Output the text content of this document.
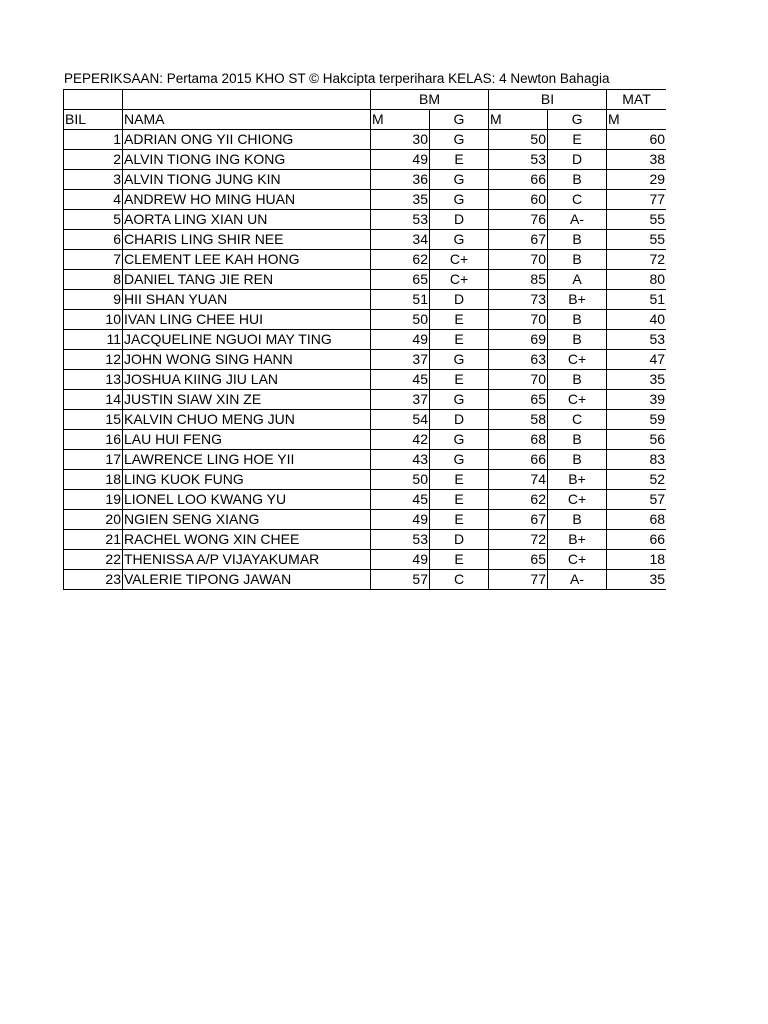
PEPERIKSAAN: Pertama 2015 KHO ST © Hakcipta terperihara KELAS: 4 Newton Bahagia
		BM		BI		MAT
BIL	NAMA	M	G	M	G	M
1	ADRIAN ONG YII CHIONG	30	G	50	E	60
2	ALVIN TIONG ING KONG	49	E	53	D	38
3	ALVIN TIONG JUNG KIN	36	G	66	B	29
4	ANDREW HO MING HUAN	35	G	60	C	77
5	AORTA LING XIAN UN	53	D	76	A-	55
6	CHARIS LING SHIR NEE	34	G	67	B	55
7	CLEMENT LEE KAH HONG	62	C+	70	B	72
8	DANIEL TANG JIE REN	65	C+	85	A	80
9	HII SHAN YUAN	51	D	73	B+	51
10	IVAN LING CHEE HUI	50	E	70	B	40
11	JACQUELINE NGUOI MAY TING	49	E	69	B	53
12	JOHN WONG SING HANN	37	G	63	C+	47
13	JOSHUA KIING JIU LAN	45	E	70	B	35
14	JUSTIN SIAW XIN ZE	37	G	65	C+	39
15	KALVIN CHUO MENG JUN	54	D	58	C	59
16	LAU HUI FENG	42	G	68	B	56
17	LAWRENCE LING HOE YII	43	G	66	B	83
18	LING KUOK FUNG	50	E	74	B+	52
19	LIONEL LOO KWANG YU	45	E	62	C+	57
20	NGIEN SENG XIANG	49	E	67	B	68
21	RACHEL WONG XIN CHEE	53	D	72	B+	66
22	THENISSA A/P VIJAYAKUMAR	49	E	65	C+	18
23	VALERIE TIPONG JAWAN	57	C	77	A-	35
